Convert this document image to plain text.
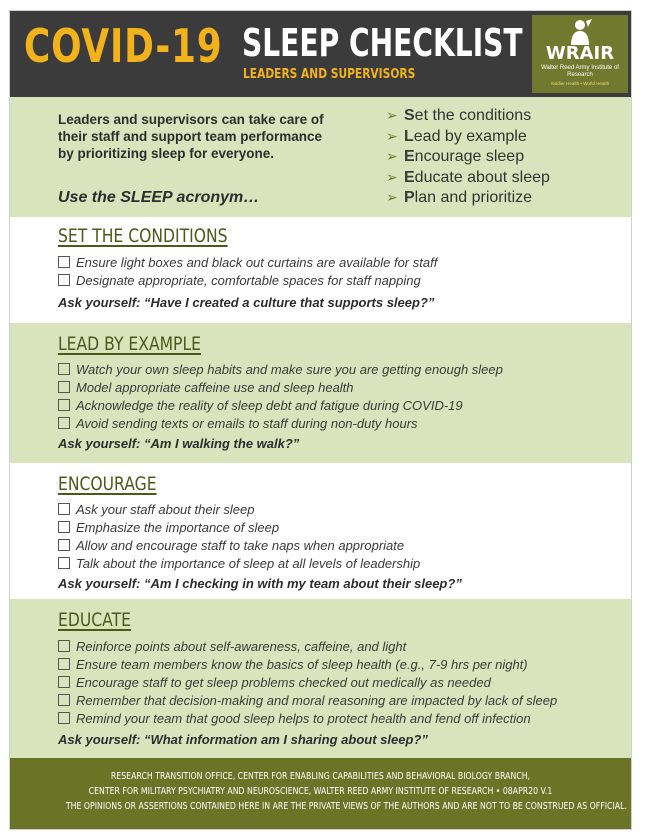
COVID-19 SLEEP CHECKLIST
LEADERS AND SUPERVISORS
WRAIR
Walter Reed Army Institute of Research
Soldier Health • World Health
Leaders and supervisors can take care of their staff and support team performance by prioritizing sleep for everyone.
Use the SLEEP acronym…
➢ Set the conditions
➢ Lead by example
➢ Encourage sleep
➢ Educate about sleep
➢ Plan and prioritize
SET THE CONDITIONS
Ensure light boxes and black out curtains are available for staff
Designate appropriate, comfortable spaces for staff napping
Ask yourself: “Have I created a culture that supports sleep?”
LEAD BY EXAMPLE
Watch your own sleep habits and make sure you are getting enough sleep
Model appropriate caffeine use and sleep health
Acknowledge the reality of sleep debt and fatigue during COVID-19
Avoid sending texts or emails to staff during non-duty hours
Ask yourself: “Am I walking the walk?”
ENCOURAGE
Ask your staff about their sleep
Emphasize the importance of sleep
Allow and encourage staff to take naps when appropriate
Talk about the importance of sleep at all levels of leadership
Ask yourself: “Am I checking in with my team about their sleep?”
EDUCATE
Reinforce points about self-awareness, caffeine, and light
Ensure team members know the basics of sleep health (e.g., 7-9 hrs per night)
Encourage staff to get sleep problems checked out medically as needed
Remember that decision-making and moral reasoning are impacted by lack of sleep
Remind your team that good sleep helps to protect health and fend off infection
Ask yourself: “What information am I sharing about sleep?”
RESEARCH TRANSITION OFFICE, CENTER FOR ENABLING CAPABILITIES AND BEHAVIORAL BIOLOGY BRANCH,
CENTER FOR MILITARY PSYCHIATRY AND NEUROSCIENCE, WALTER REED ARMY INSTITUTE OF RESEARCH • 08APR20 V.1
THE OPINIONS OR ASSERTIONS CONTAINED HERE IN ARE THE PRIVATE VIEWS OF THE AUTHORS AND ARE NOT TO BE CONSTRUED AS OFFICIAL.
